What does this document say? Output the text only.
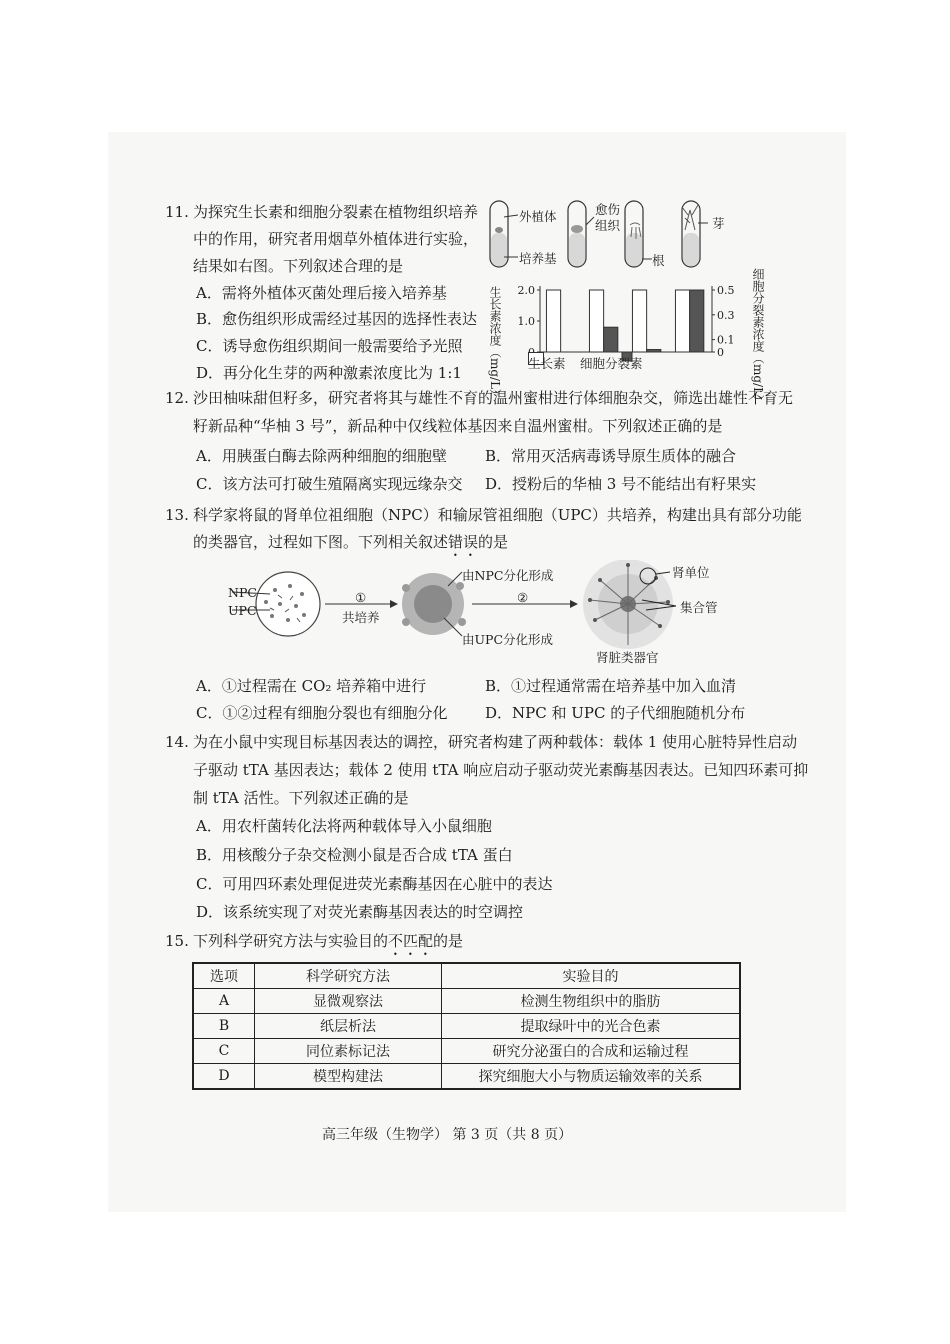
11. 为探究生长素和细胞分裂素在植物组织培养
中的作用，研究者用烟草外植体进行实验，
结果如右图。下列叙述合理的是
A．需将外植体灭菌处理后接入培养基
B．愈伤组织形成需经过基因的选择性表达
C．诱导愈伤组织期间一般需要给予光照
D．再分化生芽的两种激素浓度比为 1:1
外植体	愈伤
组织	芽
培养基	根
生长素浓度（mg/L）	细胞分裂素浓度（mg/L）
1.0
2.0
0
0.1
0.3
0.5
生长素 细胞分裂素
12. 沙田柚味甜但籽多，研究者将其与雄性不育的温州蜜柑进行体细胞杂交，筛选出雄性不育无
籽新品种“华柚 3 号”，新品种中仅线粒体基因来自温州蜜柑。下列叙述正确的是
A．用胰蛋白酶去除两种细胞的细胞壁	B．常用灭活病毒诱导原生质体的融合
C．该方法可打破生殖隔离实现远缘杂交 D．授粉后的华柚 3 号不能结出有籽果实
13. 科学家将鼠的肾单位祖细胞（NPC）和输尿管祖细胞（UPC）共培养，构建出具有部分功能
的类器官，过程如下图。下列相关叙述错误的是
NPC
UPC
①
共培养
②
由NPC分化形成
由UPC分化形成
肾单位
集合管
肾脏类器官
A．①过程需在 CO₂ 培养箱中进行	B．①过程通常需在培养基中加入血清
C．①②过程有细胞分裂也有细胞分化	D．NPC 和 UPC 的子代细胞随机分布
14. 为在小鼠中实现目标基因表达的调控，研究者构建了两种载体：载体 1 使用心脏特异性启动
子驱动 tTA 基因表达；载体 2 使用 tTA 响应启动子驱动荧光素酶基因表达。已知四环素可抑
制 tTA 活性。下列叙述正确的是
A．用农杆菌转化法将两种载体导入小鼠细胞
B．用核酸分子杂交检测小鼠是否合成 tTA 蛋白
C．可用四环素处理促进荧光素酶基因在心脏中的表达
D．该系统实现了对荧光素酶基因表达的时空调控
15. 下列科学研究方法与实验目的不匹配的是
选项	科学研究方法	实验目的
A	显微观察法	检测生物组织中的脂肪
B	纸层析法	提取绿叶中的光合色素
C	同位素标记法	研究分泌蛋白的合成和运输过程
D	模型构建法	探究细胞大小与物质运输效率的关系
高三年级（生物学） 第 3 页（共 8 页）
